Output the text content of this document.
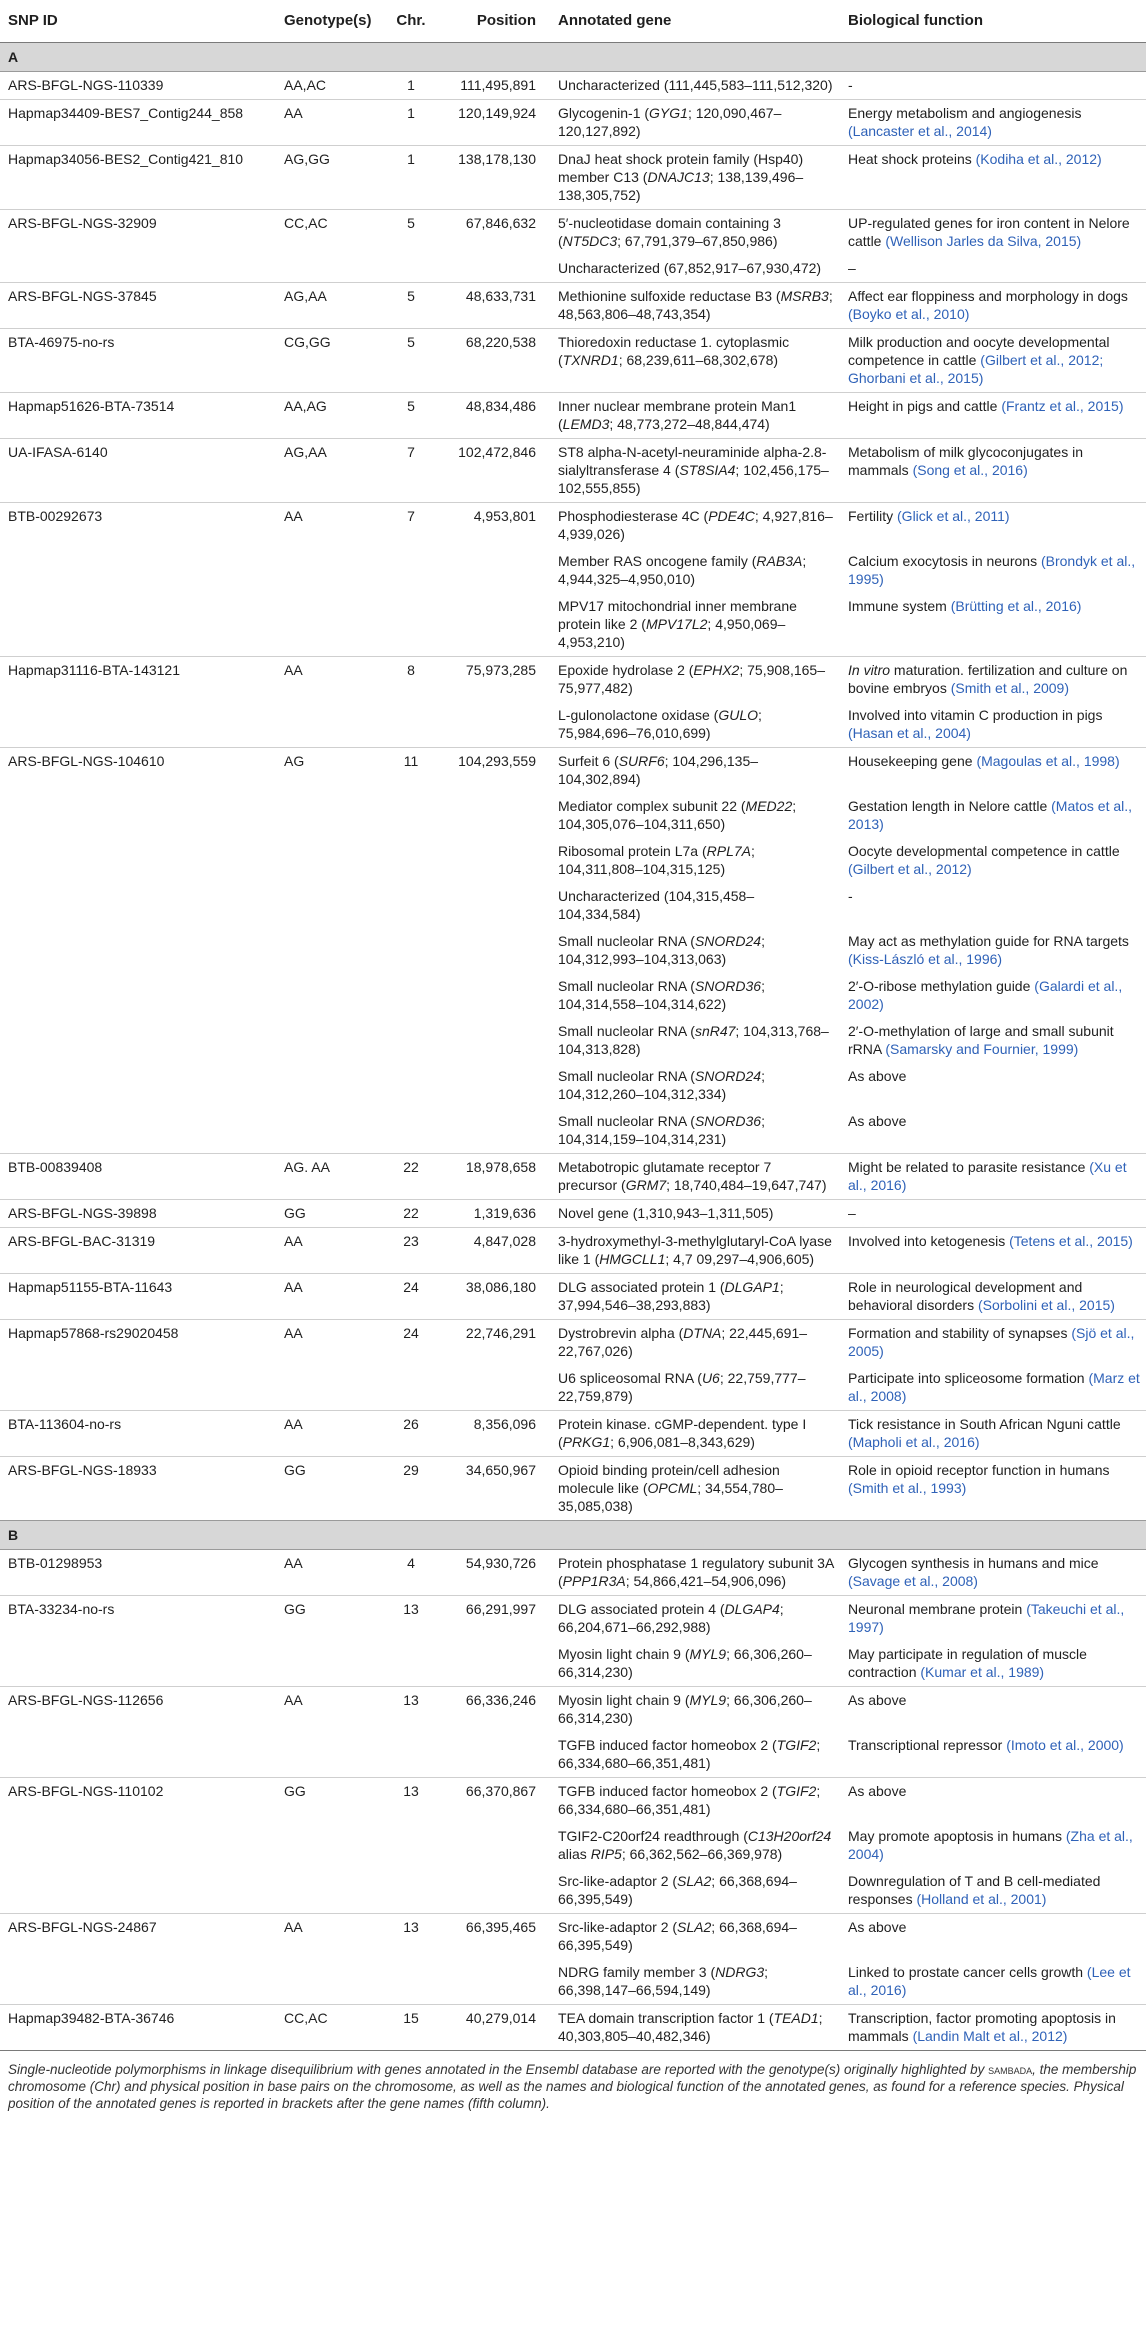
SNP ID	Genotype(s)	Chr.	Position	Annotated gene	Biological function
A					
ARS-BFGL-NGS-110339	AA,AC	1	111,495,891	Uncharacterized (111,445,583–111,512,320)	-
Hapmap34409-BES7_Contig244_858	AA	1	120,149,924	Glycogenin-1 (GYG1; 120,090,467–120,127,892)	Energy metabolism and angiogenesis (Lancaster et al., 2014)
Hapmap34056-BES2_Contig421_810	AG,GG	1	138,178,130	DnaJ heat shock protein family (Hsp40) member C13 (DNAJC13; 138,139,496–138,305,752)	Heat shock proteins (Kodiha et al., 2012)
ARS-BFGL-NGS-32909	CC,AC	5	67,846,632	5′-nucleotidase domain containing 3 (NT5DC3; 67,791,379–67,850,986)	UP-regulated genes for iron content in Nelore cattle (Wellison Jarles da Silva, 2015)
				Uncharacterized (67,852,917–67,930,472)	–
ARS-BFGL-NGS-37845	AG,AA	5	48,633,731	Methionine sulfoxide reductase B3 (MSRB3; 48,563,806–48,743,354)	Affect ear floppiness and morphology in dogs (Boyko et al., 2010)
BTA-46975-no-rs	CG,GG	5	68,220,538	Thioredoxin reductase 1. cytoplasmic (TXNRD1; 68,239,611–68,302,678)	Milk production and oocyte developmental competence in cattle (Gilbert et al., 2012; Ghorbani et al., 2015)
Hapmap51626-BTA-73514	AA,AG	5	48,834,486	Inner nuclear membrane protein Man1 (LEMD3; 48,773,272–48,844,474)	Height in pigs and cattle (Frantz et al., 2015)
UA-IFASA-6140	AG,AA	7	102,472,846	ST8 alpha-N-acetyl-neuraminide alpha-2.8-sialyltransferase 4 (ST8SIA4; 102,456,175–102,555,855)	Metabolism of milk glycoconjugates in mammals (Song et al., 2016)
BTB-00292673	AA	7	4,953,801	Phosphodiesterase 4C (PDE4C; 4,927,816–4,939,026)	Fertility (Glick et al., 2011)
				Member RAS oncogene family (RAB3A; 4,944,325–4,950,010)	Calcium exocytosis in neurons (Brondyk et al., 1995)
				MPV17 mitochondrial inner membrane protein like 2 (MPV17L2; 4,950,069–4,953,210)	Immune system (Brütting et al., 2016)
Hapmap31116-BTA-143121	AA	8	75,973,285	Epoxide hydrolase 2 (EPHX2; 75,908,165–75,977,482)	In vitro maturation. fertilization and culture on bovine embryos (Smith et al., 2009)
				L-gulonolactone oxidase (GULO; 75,984,696–76,010,699)	Involved into vitamin C production in pigs (Hasan et al., 2004)
ARS-BFGL-NGS-104610	AG	11	104,293,559	Surfeit 6 (SURF6; 104,296,135–104,302,894)	Housekeeping gene (Magoulas et al., 1998)
				Mediator complex subunit 22 (MED22; 104,305,076–104,311,650)	Gestation length in Nelore cattle (Matos et al., 2013)
				Ribosomal protein L7a (RPL7A; 104,311,808–104,315,125)	Oocyte developmental competence in cattle (Gilbert et al., 2012)
				Uncharacterized (104,315,458–104,334,584)	-
				Small nucleolar RNA (SNORD24; 104,312,993–104,313,063)	May act as methylation guide for RNA targets (Kiss-László et al., 1996)
				Small nucleolar RNA (SNORD36; 104,314,558–104,314,622)	2′-O-ribose methylation guide (Galardi et al., 2002)
				Small nucleolar RNA (snR47; 104,313,768–104,313,828)	2′-O-methylation of large and small subunit rRNA (Samarsky and Fournier, 1999)
				Small nucleolar RNA (SNORD24; 104,312,260–104,312,334)	As above
				Small nucleolar RNA (SNORD36; 104,314,159–104,314,231)	As above
BTB-00839408	AG. AA	22	18,978,658	Metabotropic glutamate receptor 7 precursor (GRM7; 18,740,484–19,647,747)	Might be related to parasite resistance (Xu et al., 2016)
ARS-BFGL-NGS-39898	GG	22	1,319,636	Novel gene (1,310,943–1,311,505)	–
ARS-BFGL-BAC-31319	AA	23	4,847,028	3-hydroxymethyl-3-methylglutaryl-CoA lyase like 1 (HMGCLL1; 4,7 09,297–4,906,605)	Involved into ketogenesis (Tetens et al., 2015)
Hapmap51155-BTA-11643	AA	24	38,086,180	DLG associated protein 1 (DLGAP1; 37,994,546–38,293,883)	Role in neurological development and behavioral disorders (Sorbolini et al., 2015)
Hapmap57868-rs29020458	AA	24	22,746,291	Dystrobrevin alpha (DTNA; 22,445,691–22,767,026)	Formation and stability of synapses (Sjö et al., 2005)
				U6 spliceosomal RNA (U6; 22,759,777–22,759,879)	Participate into spliceosome formation (Marz et al., 2008)
BTA-113604-no-rs	AA	26	8,356,096	Protein kinase. cGMP-dependent. type I (PRKG1; 6,906,081–8,343,629)	Tick resistance in South African Nguni cattle (Mapholi et al., 2016)
ARS-BFGL-NGS-18933	GG	29	34,650,967	Opioid binding protein/cell adhesion molecule like (OPCML; 34,554,780–35,085,038)	Role in opioid receptor function in humans (Smith et al., 1993)
B					
BTB-01298953	AA	4	54,930,726	Protein phosphatase 1 regulatory subunit 3A (PPP1R3A; 54,866,421–54,906,096)	Glycogen synthesis in humans and mice (Savage et al., 2008)
BTA-33234-no-rs	GG	13	66,291,997	DLG associated protein 4 (DLGAP4; 66,204,671–66,292,988)	Neuronal membrane protein (Takeuchi et al., 1997)
				Myosin light chain 9 (MYL9; 66,306,260–66,314,230)	May participate in regulation of muscle contraction (Kumar et al., 1989)
ARS-BFGL-NGS-112656	AA	13	66,336,246	Myosin light chain 9 (MYL9; 66,306,260–66,314,230)	As above
				TGFB induced factor homeobox 2 (TGIF2; 66,334,680–66,351,481)	Transcriptional repressor (Imoto et al., 2000)
ARS-BFGL-NGS-110102	GG	13	66,370,867	TGFB induced factor homeobox 2 (TGIF2; 66,334,680–66,351,481)	As above
				TGIF2-C20orf24 readthrough (C13H20orf24 alias RIP5; 66,362,562–66,369,978)	May promote apoptosis in humans (Zha et al., 2004)
				Src-like-adaptor 2 (SLA2; 66,368,694–66,395,549)	Downregulation of T and B cell-mediated responses (Holland et al., 2001)
ARS-BFGL-NGS-24867	AA	13	66,395,465	Src-like-adaptor 2 (SLA2; 66,368,694–66,395,549)	As above
				NDRG family member 3 (NDRG3; 66,398,147–66,594,149)	Linked to prostate cancer cells growth (Lee et al., 2016)
Hapmap39482-BTA-36746	CC,AC	15	40,279,014	TEA domain transcription factor 1 (TEAD1; 40,303,805–40,482,346)	Transcription, factor promoting apoptosis in mammals (Landin Malt et al., 2012)
Single-nucleotide polymorphisms in linkage disequilibrium with genes annotated in the Ensembl database are reported with the genotype(s) originally highlighted by samβada, the membership chromosome (Chr) and physical position in base pairs on the chromosome, as well as the names and biological function of the annotated genes, as found for a reference species. Physical position of the annotated genes is reported in brackets after the gene names (fifth column).
